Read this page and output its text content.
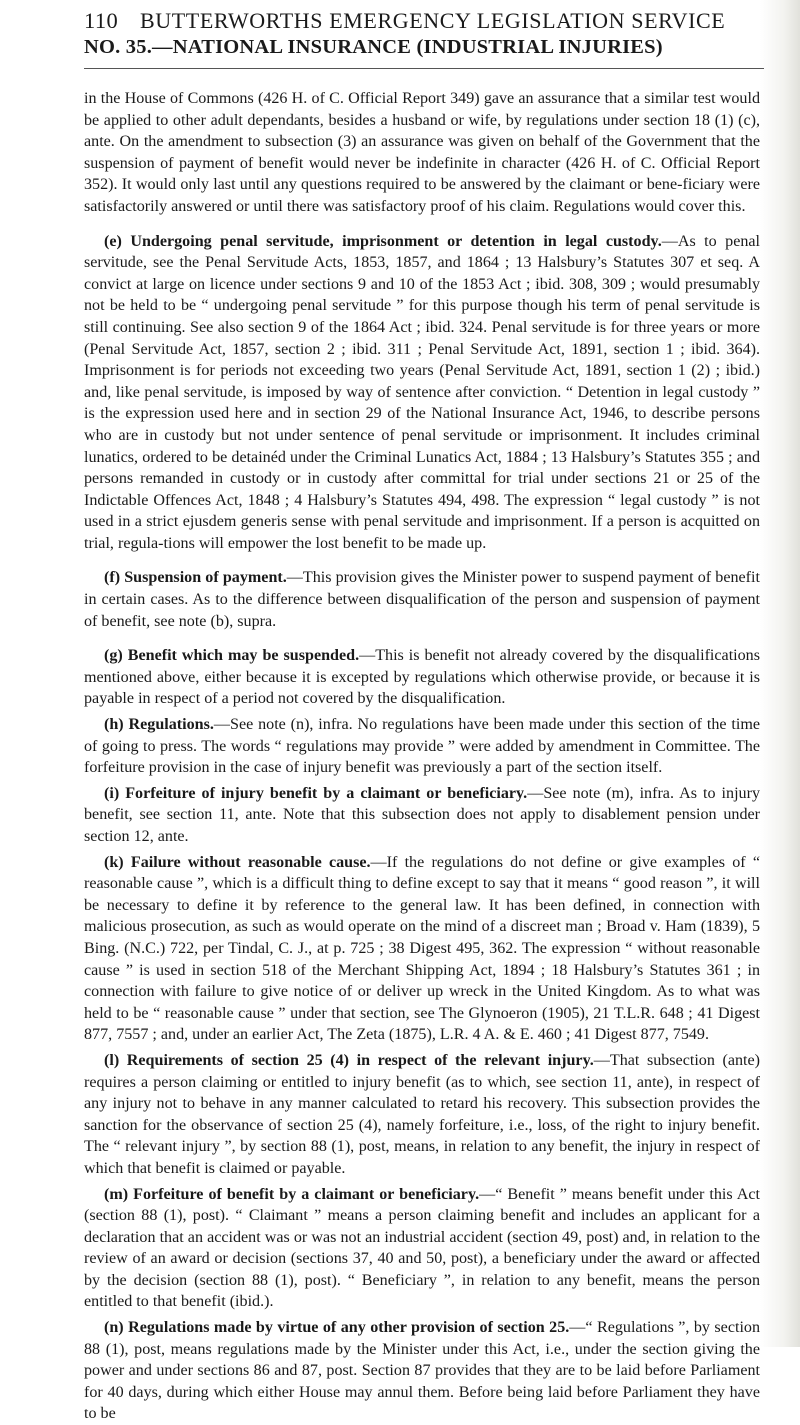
110 BUTTERWORTHS EMERGENCY LEGISLATION SERVICE
NO. 35.—NATIONAL INSURANCE (INDUSTRIAL INJURIES)

in the House of Commons (426 H. of C. Official Report 349) gave an assurance that a similar test would be applied to other adult dependants, besides a husband or wife, by regulations under section 18 (1) (c), ante. On the amendment to subsection (3) an assurance was given on behalf of the Government that the suspension of payment of benefit would never be indefinite in character (426 H. of C. Official Report 352). It would only last until any questions required to be answered by the claimant or bene-ficiary were satisfactorily answered or until there was satisfactory proof of his claim. Regulations would cover this.

(e) Undergoing penal servitude, imprisonment or detention in legal custody.—As to penal servitude, see the Penal Servitude Acts, 1853, 1857, and 1864 ; 13 Halsbury’s Statutes 307 et seq. A convict at large on licence under sections 9 and 10 of the 1853 Act ; ibid. 308, 309 ; would presumably not be held to be “ undergoing penal servitude ” for this purpose though his term of penal servitude is still continuing. See also section 9 of the 1864 Act ; ibid. 324. Penal servitude is for three years or more (Penal Servitude Act, 1857, section 2 ; ibid. 311 ; Penal Servitude Act, 1891, section 1 ; ibid. 364). Imprisonment is for periods not exceeding two years (Penal Servitude Act, 1891, section 1 (2) ; ibid.) and, like penal servitude, is imposed by way of sentence after conviction. “ Detention in legal custody ” is the expression used here and in section 29 of the National Insurance Act, 1946, to describe persons who are in custody but not under sentence of penal servitude or imprisonment. It includes criminal lunatics, ordered to be detainéd under the Criminal Lunatics Act, 1884 ; 13 Halsbury’s Statutes 355 ; and persons remanded in custody or in custody after committal for trial under sections 21 or 25 of the Indictable Offences Act, 1848 ; 4 Halsbury’s Statutes 494, 498. The expression “ legal custody ” is not used in a strict ejusdem generis sense with penal servitude and imprisonment. If a person is acquitted on trial, regula-tions will empower the lost benefit to be made up.

(f) Suspension of payment.—This provision gives the Minister power to suspend payment of benefit in certain cases. As to the difference between disqualification of the person and suspension of payment of benefit, see note (b), supra.

(g) Benefit which may be suspended.—This is benefit not already covered by the disqualifications mentioned above, either because it is excepted by regulations which otherwise provide, or because it is payable in respect of a period not covered by the disqualification.

(h) Regulations.—See note (n), infra. No regulations have been made under this section of the time of going to press. The words “ regulations may provide ” were added by amendment in Committee. The forfeiture provision in the case of injury benefit was previously a part of the section itself.

(i) Forfeiture of injury benefit by a claimant or beneficiary.—See note (m), infra. As to injury benefit, see section 11, ante. Note that this subsection does not apply to disablement pension under section 12, ante.

(k) Failure without reasonable cause.—If the regulations do not define or give examples of “ reasonable cause ”, which is a difficult thing to define except to say that it means “ good reason ”, it will be necessary to define it by reference to the general law. It has been defined, in connection with malicious prosecution, as such as would operate on the mind of a discreet man ; Broad v. Ham (1839), 5 Bing. (N.C.) 722, per Tindal, C. J., at p. 725 ; 38 Digest 495, 362. The expression “ without reasonable cause ” is used in section 518 of the Merchant Shipping Act, 1894 ; 18 Halsbury’s Statutes 361 ; in connection with failure to give notice of or deliver up wreck in the United Kingdom. As to what was held to be “ reasonable cause ” under that section, see The Glynoeron (1905), 21 T.L.R. 648 ; 41 Digest 877, 7557 ; and, under an earlier Act, The Zeta (1875), L.R. 4 A. & E. 460 ; 41 Digest 877, 7549.

(l) Requirements of section 25 (4) in respect of the relevant injury.—That subsection (ante) requires a person claiming or entitled to injury benefit (as to which, see section 11, ante), in respect of any injury not to behave in any manner calculated to retard his recovery. This subsection provides the sanction for the observance of section 25 (4), namely forfeiture, i.e., loss, of the right to injury benefit. The “ relevant injury ”, by section 88 (1), post, means, in relation to any benefit, the injury in respect of which that benefit is claimed or payable.

(m) Forfeiture of benefit by a claimant or beneficiary.—“ Benefit ” means benefit under this Act (section 88 (1), post). “ Claimant ” means a person claiming benefit and includes an applicant for a declaration that an accident was or was not an industrial accident (section 49, post) and, in relation to the review of an award or decision (sections 37, 40 and 50, post), a beneficiary under the award or affected by the decision (section 88 (1), post). “ Beneficiary ”, in relation to any benefit, means the person entitled to that benefit (ibid.).

(n) Regulations made by virtue of any other provision of section 25.—“ Regulations ”, by section 88 (1), post, means regulations made by the Minister under this Act, i.e., under the section giving the power and under sections 86 and 87, post. Section 87 provides that they are to be laid before Parliament for 40 days, during which either House may annul them. Before being laid before Parliament they have to be
